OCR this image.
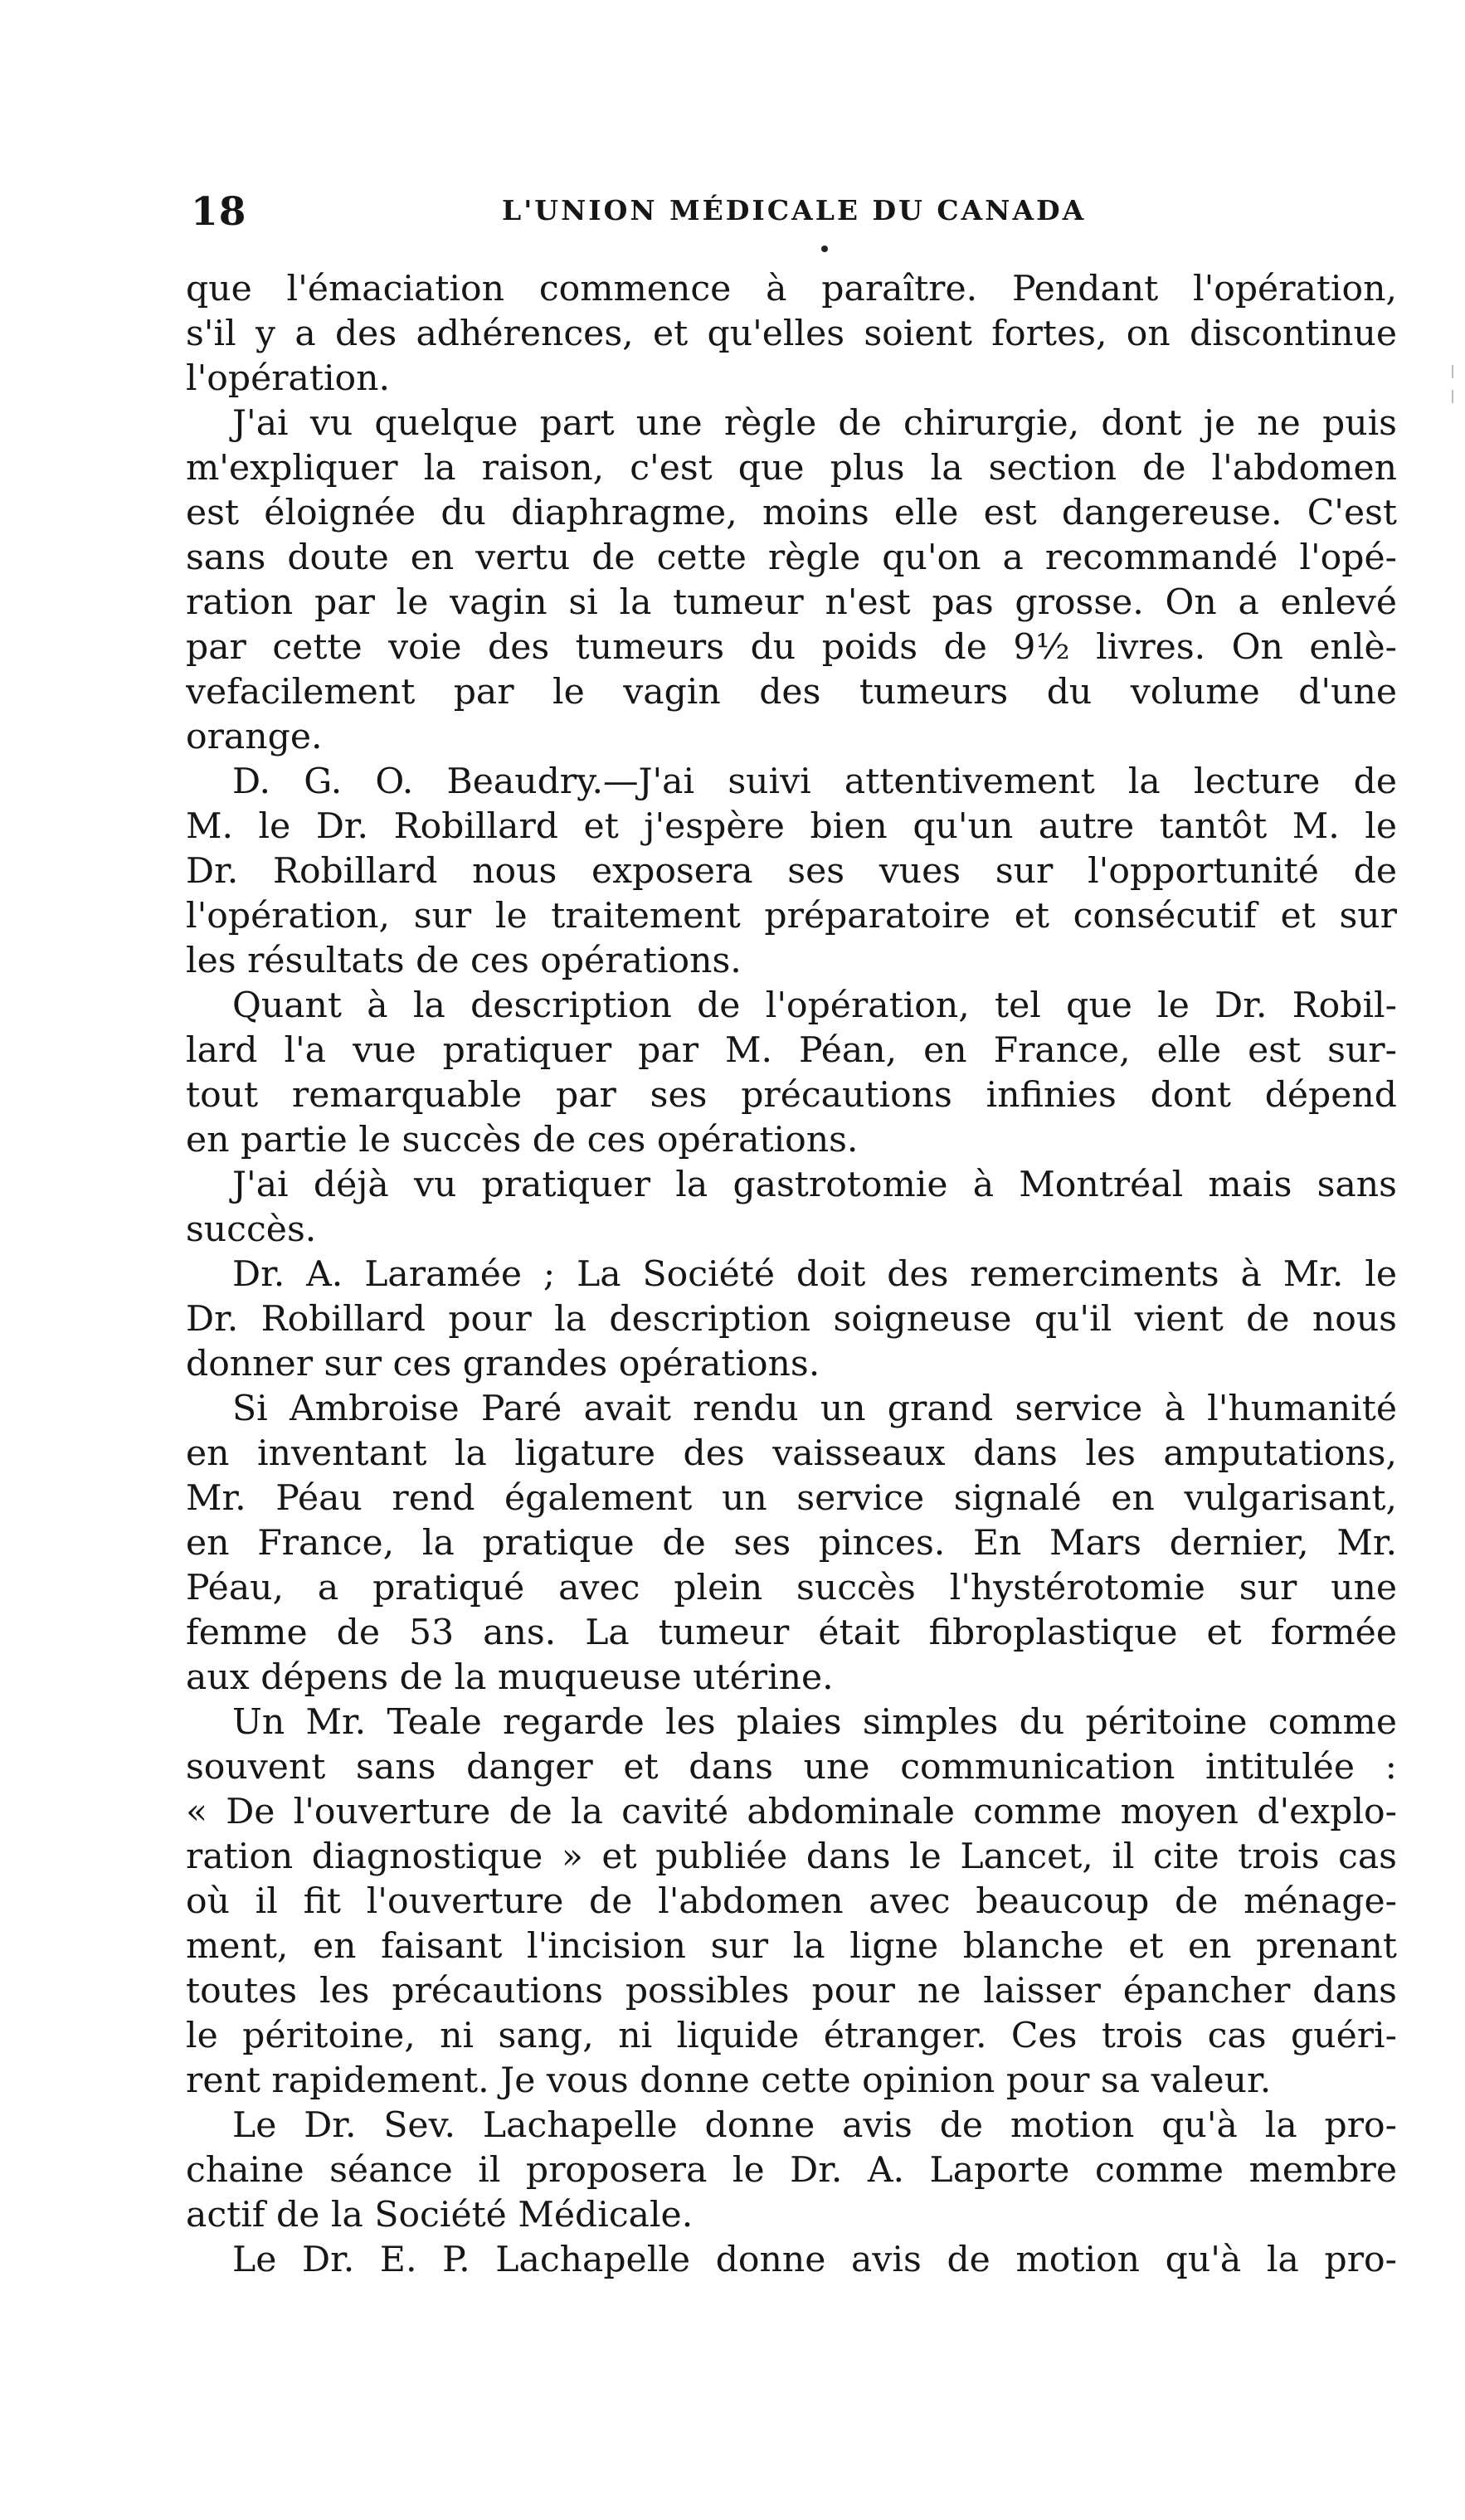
18	L'UNION MÉDICALE DU CANADA
que l'émaciation commence à paraître. Pendant l'opération,
s'il y a des adhérences, et qu'elles soient fortes, on discontinue
l'opération.
J'ai vu quelque part une règle de chirurgie, dont je ne puis
m'expliquer la raison, c'est que plus la section de l'abdomen
est éloignée du diaphragme, moins elle est dangereuse. C'est
sans doute en vertu de cette règle qu'on a recommandé l'opé-
ration par le vagin si la tumeur n'est pas grosse. On a enlevé
par cette voie des tumeurs du poids de 9½ livres. On enlè-
vefacilement par le vagin des tumeurs du volume d'une
orange.
D. G. O. Beaudry.—J'ai suivi attentivement la lecture de
M. le Dr. Robillard et j'espère bien qu'un autre tantôt M. le
Dr. Robillard nous exposera ses vues sur l'opportunité de
l'opération, sur le traitement préparatoire et consécutif et sur
les résultats de ces opérations.
Quant à la description de l'opération, tel que le Dr. Robil-
lard l'a vue pratiquer par M. Péan, en France, elle est sur-
tout remarquable par ses précautions infinies dont dépend
en partie le succès de ces opérations.
J'ai déjà vu pratiquer la gastrotomie à Montréal mais sans
succès.
Dr. A. Laramée ; La Société doit des remerciments à Mr. le
Dr. Robillard pour la description soigneuse qu'il vient de nous
donner sur ces grandes opérations.
Si Ambroise Paré avait rendu un grand service à l'humanité
en inventant la ligature des vaisseaux dans les amputations,
Mr. Péau rend également un service signalé en vulgarisant,
en France, la pratique de ses pinces. En Mars dernier, Mr.
Péau, a pratiqué avec plein succès l'hystérotomie sur une
femme de 53 ans. La tumeur était fibroplastique et formée
aux dépens de la muqueuse utérine.
Un Mr. Teale regarde les plaies simples du péritoine comme
souvent sans danger et dans une communication intitulée :
« De l'ouverture de la cavité abdominale comme moyen d'explo-
ration diagnostique » et publiée dans le Lancet, il cite trois cas
où il fit l'ouverture de l'abdomen avec beaucoup de ménage-
ment, en faisant l'incision sur la ligne blanche et en prenant
toutes les précautions possibles pour ne laisser épancher dans
le péritoine, ni sang, ni liquide étranger. Ces trois cas guéri-
rent rapidement. Je vous donne cette opinion pour sa valeur.
Le Dr. Sev. Lachapelle donne avis de motion qu'à la pro-
chaine séance il proposera le Dr. A. Laporte comme membre
actif de la Société Médicale.
Le Dr. E. P. Lachapelle donne avis de motion qu'à la pro-
